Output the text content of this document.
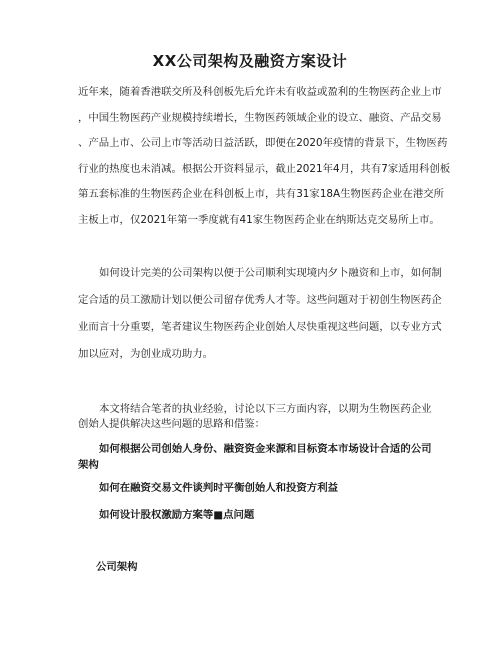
XX公司架构及融资方案设计
近年来，随着香港联交所及科创板先后允许未有收益或盈利的生物医药企业上市
，中国生物医药产业规模持续增长，生物医药领域企业的设立、融资、产品交易
、产品上市、公司上市等活动日益活跃，即便在2020年疫情的背景下，生物医药
行业的热度也未消减。根据公开资料显示，截止2021年4月，共有7家适用科创板
第五套标准的生物医药企业在科创板上市，共有31家18A生物医药企业在港交所
主板上市，仅2021年第一季度就有41家生物医药企业在纳斯达克交易所上市。
如何设计完美的公司架构以便于公司顺利实现境内夕卜融资和上市，如何制
定合适的员工激励计划以便公司留存优秀人才等。这些问题对于初创生物医药企
业而言十分重要，笔者建议生物医药企业创始人尽快重视这些问题，以专业方式
加以应对，为创业成功助力。

本文将结合笔者的执业经验，讨论以下三方面内容，以期为生物医药企业创始人提供解决这些问题的思路和借鉴：

如何根据公司创始人身份、融资资金来源和目标资本市场设计合适的公司架构

如何在融资交易文件谈判时平衡创始人和投资方利益

如何设计股权激励方案等■点问题

公司架构
